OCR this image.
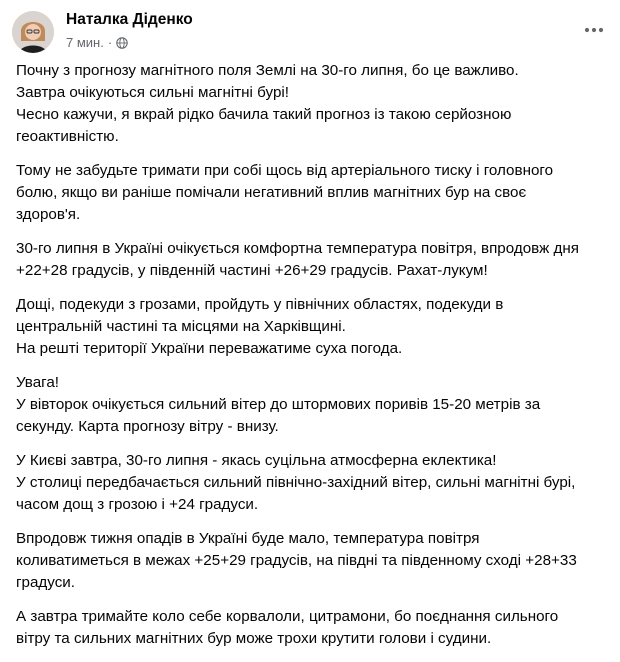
Наталка Діденко
7 мин. ·
Почну з прогнозу магнітного поля Землі на 30-го липня, бо це важливо.
Завтра очікуються сильні магнітні бурі!
Чесно кажучи, я вкрай рідко бачила такий прогноз із такою серйозною
геоактивністю.
Тому не забудьте тримати при собі щось від артеріального тиску і головного
болю, якщо ви раніше помічали негативний вплив магнітних бур на своє
здоров'я.
30-го липня в Україні очікується комфортна температура повітря, впродовж дня
+22+28 градусів, у південній частині +26+29 градусів. Рахат-лукум!
Дощі, подекуди з грозами, пройдуть у північних областях, подекуди в
центральній частині та місцями на Харківщині.
На решті території України переважатиме суха погода.
Увага!
У вівторок очікується сильний вітер до штормових поривів 15-20 метрів за
секунду. Карта прогнозу вітру - внизу.
У Києві завтра, 30-го липня - якась суцільна атмосферна еклектика!
У столиці передбачається сильний північно-західний вітер, сильні магнітні бурі,
часом дощ з грозою і +24 градуси.
Впродовж тижня опадів в Україні буде мало, температура повітря
коливатиметься в межах +25+29 градусів, на півдні та південному сході +28+33
градуси.
А завтра тримайте коло себе корвалоли, цитрамони, бо поєднання сильного
вітру та сильних магнітних бур може трохи крутити голови і судини.
